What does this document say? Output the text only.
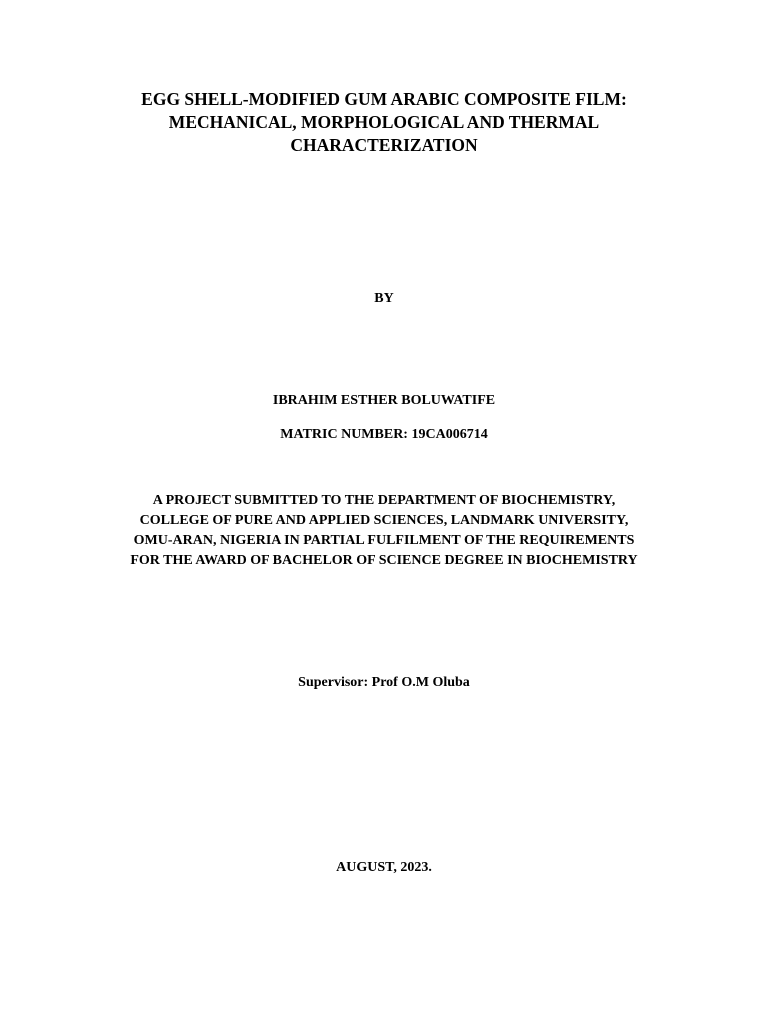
EGG SHELL-MODIFIED GUM ARABIC COMPOSITE FILM:
MECHANICAL, MORPHOLOGICAL AND THERMAL
CHARACTERIZATION
BY
IBRAHIM ESTHER BOLUWATIFE
MATRIC NUMBER: 19CA006714
A PROJECT SUBMITTED TO THE DEPARTMENT OF BIOCHEMISTRY,
COLLEGE OF PURE AND APPLIED SCIENCES, LANDMARK UNIVERSITY,
OMU-ARAN, NIGERIA IN PARTIAL FULFILMENT OF THE REQUIREMENTS
FOR THE AWARD OF BACHELOR OF SCIENCE DEGREE IN BIOCHEMISTRY
Supervisor: Prof O.M Oluba
AUGUST, 2023.
